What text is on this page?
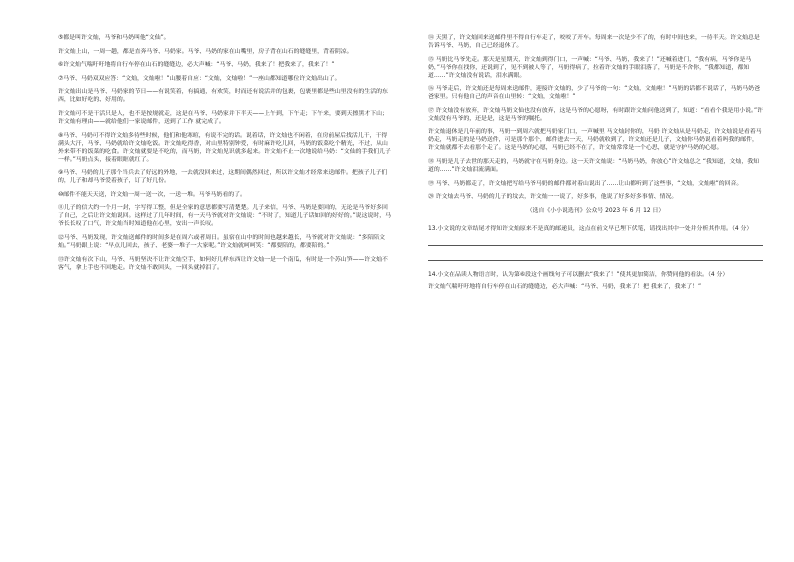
⑤都是叫许文灿，马爷和马奶叫他“文仙”。

许文灿上山，一周一趟，都是直奔马爷、马奶家。马爷、马奶的家在山嘴里，房子背在山石的缝缝里，背着阴凉。

⑥许文灿气喘吁吁地将自行车停在山石的缝缝边，必大声喊：“马爷、马奶，我来了！把我来了，我来了！”

⑦马爷、马奶双双应答：“文灿，文灿啦！”山腰着自应：“文灿，文灿啦！”一座山都知道哪位许文灿出山了。

许文灿出山是马爷、马奶家的节日——有说笑着，有搞通，有欢笑，时而还有说活并的包裹，包裹里都是些山里没有的生活的东西，比如好吃的、好用的。

许文灿可不是干活只是人，也不是按规就走，这是在马爷、马奶家并下半天——上午到，下午走；下午来，要到天擦黑才下山；许文灿有理由——就给他们一家说邮件，送到了工作 就完成了。

⑧马爷、马奶可不得许文灿多待些时候，他们和他寒暄，有说不完的话。说着话，许文灿也不闲着，在房前屋后找活儿干，干得满头大汗，马爷、马奶就给许文灿吃饭。许文灿吃得香，对山里特别钟爱，有时麻许吃儿回，马奶的饭菜吃个精光，不过，从山外来带不的饭菜的吃食。许文灿就要是不吃的，而马奶，许文灿见识就多起来。许文灿不止一次地说给马奶：“文仙的手我们儿子一样。”马奶点头，接着眼眶就红了。

⑨马爷、马奶的儿子那个当兵去了好远的外地，一去就没回来过，这期间偶然回过，所以许文灿才经常来送邮件。把孩子儿子们的，儿子和却马爷爱着孩子，订了好几份。

⑩邮件不能天天送，许文灿一周一送一次，一送一堆。马爷马奶看的了。

⑪儿子的信大约一个月一封，字写得工整，但是全家的意思都要写清楚楚。儿子来信，马爷、马奶是要回的，无论是马爷好多回了自己，之后让许文灿说回。这样过了几年时间，有一天马爷就对许文灿说：“不时了，知道儿子话如回的好好的。”说这说时，马爷长长叹了口气，许文灿当时知道他在心里，安出一声长叹。

⑫马爷、马奶发现，许文灿送邮件的时间多是在周六或者周日。虽宿在山中的时间也越来越长，马爷就对许文灿说：“多陪陪文灿。”马奶跟上说：“早点儿回去，孩子、老婆一堆子一大家呢。”许文灿就呵呵笑：“都要陪的，都要陪的。”

⑬许文灿有次下山，马爷、马奶坚决不让许文灿空手，如何好几样东西让许文灿一是一个南瓜，有时是一个苏山笋——许文灿不客气，拿上手也不回地走。许文灿不敢回头，一回头就掉泪了。

⑭ 天黑了，许文灿回来送邮件里不得自行车走了，咬咬了开车。每周来一次是少不了的，有时中间也来，一待半天。许文灿总是告诉马爷、马奶，自己已经退休了。

⑮ 马奶比马爷先走。那天是星期天，许文灿到得门口，一声喊：“马爷、马奶，我来了！”还喊着进门，“我有病，马爷你是马奶，”马爷你在找你，还说到了，见不到被人等了，马奶得病了，拉着许文灿的手眼泪落了，马奶是不舍你，“我都知道，都知道……”许文灿没有说话，泪水满眼。

⑯ 马爷走后，许文灿还是每周来送邮件，迎接许文灿的，少了马爷的一句：“文灿，文灿啦！”马奶的话都不说话了，马奶马奶爸爸家里。只有他自己的声音在山里转：“文灿，文灿啦！”

⑰ 许文灿没有放弃，许文灿马奶文仙也没有放弃，这是马爷的心愿呀，有时跟许文灿问他送到了，知道：“看看个我是用小说。”许文灿没有马爷的，还是是，这是马爷的嘱托。

许文灿退休是几年前的事，马奶一到周六就把马奶家门口，一声喊里 马文灿封你的，马奶 许文灿从是马奶走，许文灿说是看着马奶走，马奶走的是马奶送件，可是那个那个，邮件进去一天，马奶就收到了，许文灿还是儿子，文灿你马奶说看着吗我的邮件，许文灿就都不去看那个走了。这是马奶的心愿，马奶已经不在了，许文灿常常是一个心思，就是守护马奶的心愿。

⑱ 马奶是儿子去世的那天走的，马奶就守在马奶身边。这一天许文灿说：“马奶马奶，你放心”许文灿总之 “我知道，文灿，我知道的……”许文灿泪流满面。

⑲ 马爷、马奶都走了，许文灿把写给马爷马奶的邮件都对着山说出了……让山都听到了这些事，“文灿，文灿啦”的回音。

⑳ 许文灿去马爷、马奶的儿子的坟去，许文灿一一说了，好多事，他说了好多好多事情、情况。

（选自《小小说选刊》公众号 2023 年 6 月 12 日）

13.小文说的文章结尾才得知许文灿原来不是真的邮递员，这点在前文早已埋下伏笔，请找出其中一处并分析其作用。（4 分）

14.小文在品读人物语言时，认为第⑥段这个画线句子可以删去“我来了！”使其更加简洁，你赞同他的看法。（4 分）

许文灿气喘吁吁地将自行车停在山石的缝缝边，必大声喊：“马爷、马奶，我来了！把 我来了，我来了！”
